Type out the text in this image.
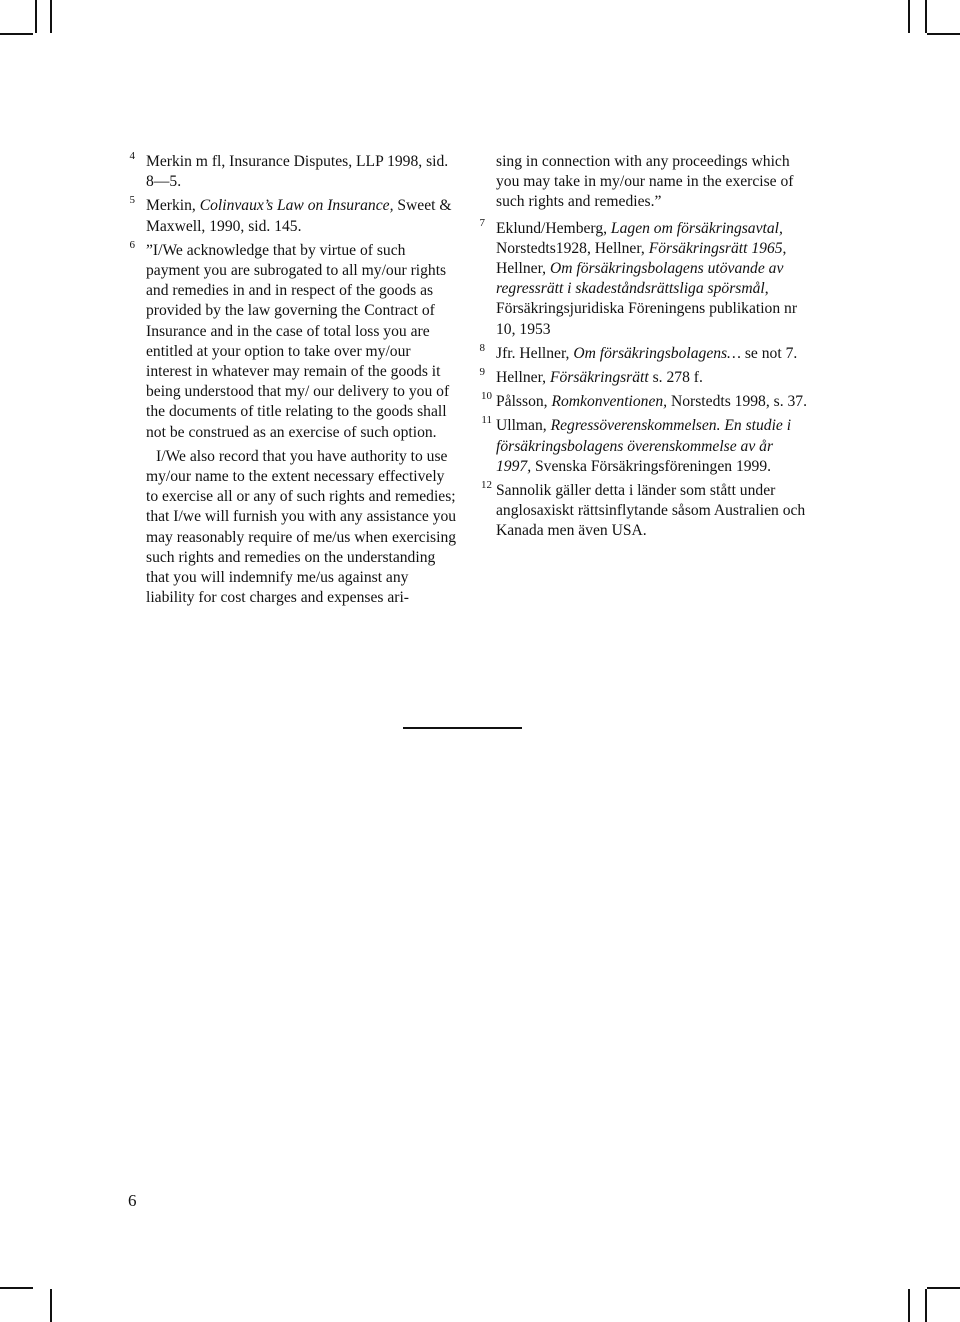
4 Merkin m fl, Insurance Disputes, LLP 1998, sid. 8—5.

5 Merkin, Colinvaux’s Law on Insurance, Sweet & Maxwell, 1990, sid. 145.

6 ”I/We acknowledge that by virtue of such payment you are subrogated to all my/our rights and remedies in and in respect of the goods as provided by the law governing the Contract of Insurance and in the case of total loss you are entitled at your option to take over my/our interest in whatever may remain of the goods it being understood that my/ our delivery to you of the documents of title relating to the goods shall not be construed as an exercise of such option.

I/We also record that you have authority to use my/our name to the extent necessary effectively to exercise all or any of such rights and remedies; that I/we will furnish you with any assistance you may reasonably require of me/us when exercising such rights and remedies on the understanding that you will indemnify me/us against any liability for cost charges and expenses ari-

sing in connection with any proceedings which you may take in my/our name in the exercise of such rights and remedies.”

7 Eklund/Hemberg, Lagen om försäkringsavtal, Norstedts1928, Hellner, Försäkringsrätt 1965, Hellner, Om försäkringsbolagens utövande av regressrätt i skadeståndsrättsliga spörsmål, Försäkringsjuridiska Föreningens publikation nr 10, 1953

8 Jfr. Hellner, Om försäkringsbolagens… se not 7.

9 Hellner, Försäkringsrätt s. 278 f.

10 Pålsson, Romkonventionen, Norstedts 1998, s. 37.

11 Ullman, Regressöverenskommelsen. En studie i försäkringsbolagens överenskommelse av år 1997, Svenska Försäkringsföreningen 1999.

12 Sannolik gäller detta i länder som stått under anglosaxiskt rättsinflytande såsom Australien och Kanada men även USA.

6
